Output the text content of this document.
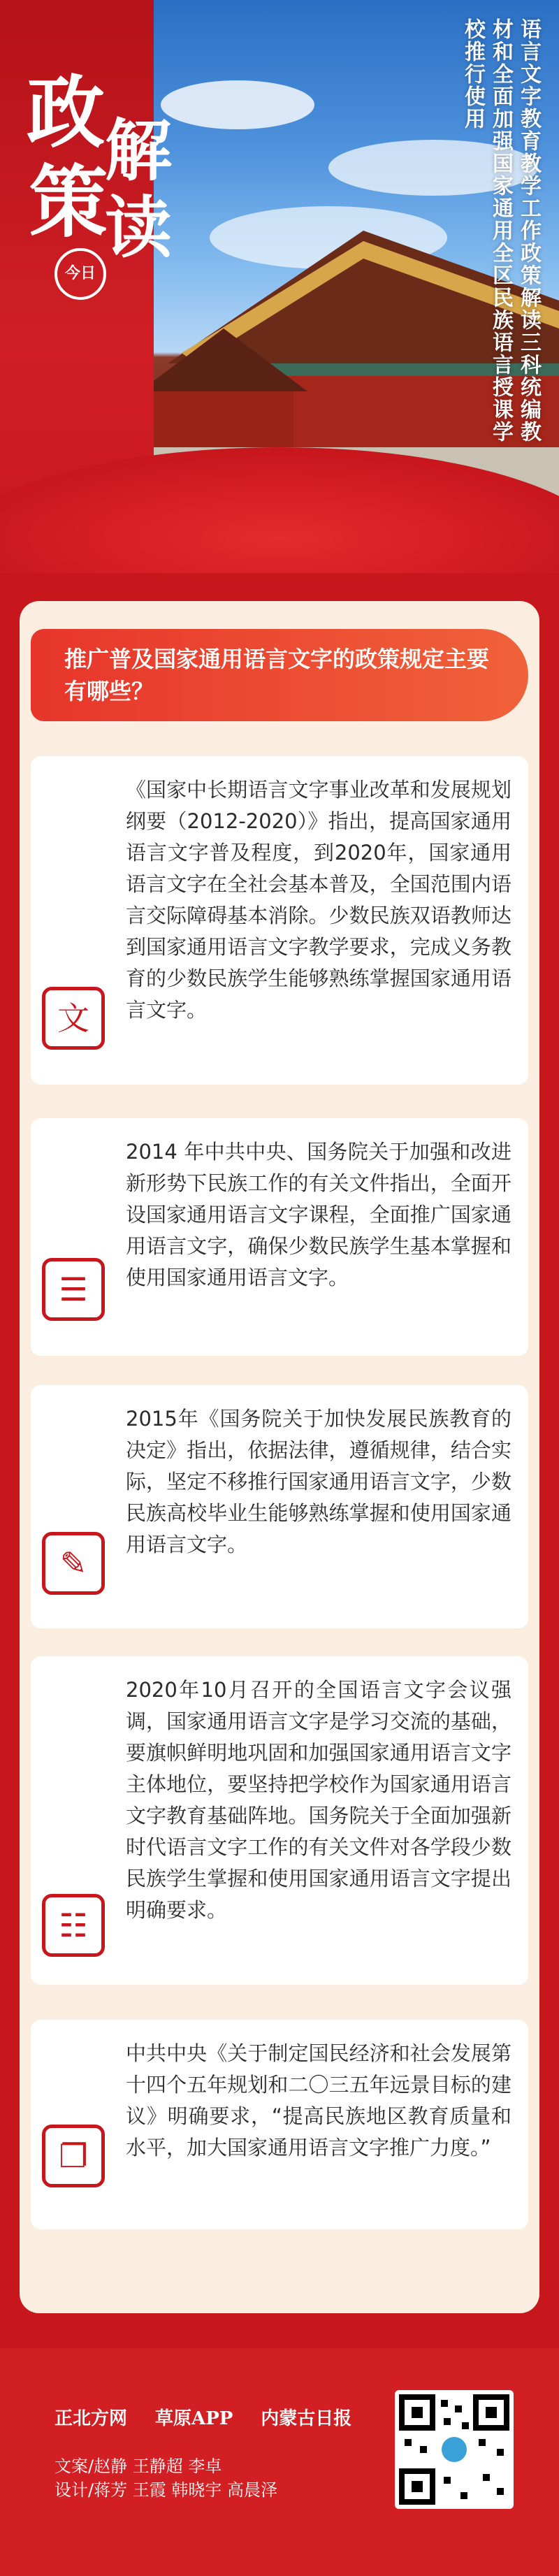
政
策
解
读
今日	语言文字教育教学工作政策解读三科统编教材和全面加强国家通用全区民族语言授课学校推行使用
推广普及国家通用语言文字的政策规定主要有哪些？
文
《国家中长期语言文字事业改革和发展规划纲要（2012-2020）》指出，提高国家通用语言文字普及程度，到2020年，国家通用语言文字在全社会基本普及，全国范围内语言交际障碍基本消除。少数民族双语教师达到国家通用语言文字教学要求，完成义务教育的少数民族学生能够熟练掌握国家通用语言文字。
☰
2014 年中共中央、国务院关于加强和改进新形势下民族工作的有关文件指出，全面开设国家通用语言文字课程，全面推广国家通用语言文字，确保少数民族学生基本掌握和使用国家通用语言文字。
✎
2015年《国务院关于加快发展民族教育的决定》指出，依据法律，遵循规律，结合实际，坚定不移推行国家通用语言文字，少数民族高校毕业生能够熟练掌握和使用国家通用语言文字。
☷
2020年10月召开的全国语言文字会议强调，国家通用语言文字是学习交流的基础，要旗帜鲜明地巩固和加强国家通用语言文字主体地位，要坚持把学校作为国家通用语言文字教育基础阵地。国务院关于全面加强新时代语言文字工作的有关文件对各学段少数民族学生掌握和使用国家通用语言文字提出明确要求。
❐
中共中央《关于制定国民经济和社会发展第十四个五年规划和二〇三五年远景目标的建议》明确要求，“提高民族地区教育质量和水平，加大国家通用语言文字推广力度。”
正北方网 草原APP 内蒙古日报
文案/赵静 王静超 李卓
设计/蒋芳 王霞 韩晓宇 高晨泽
